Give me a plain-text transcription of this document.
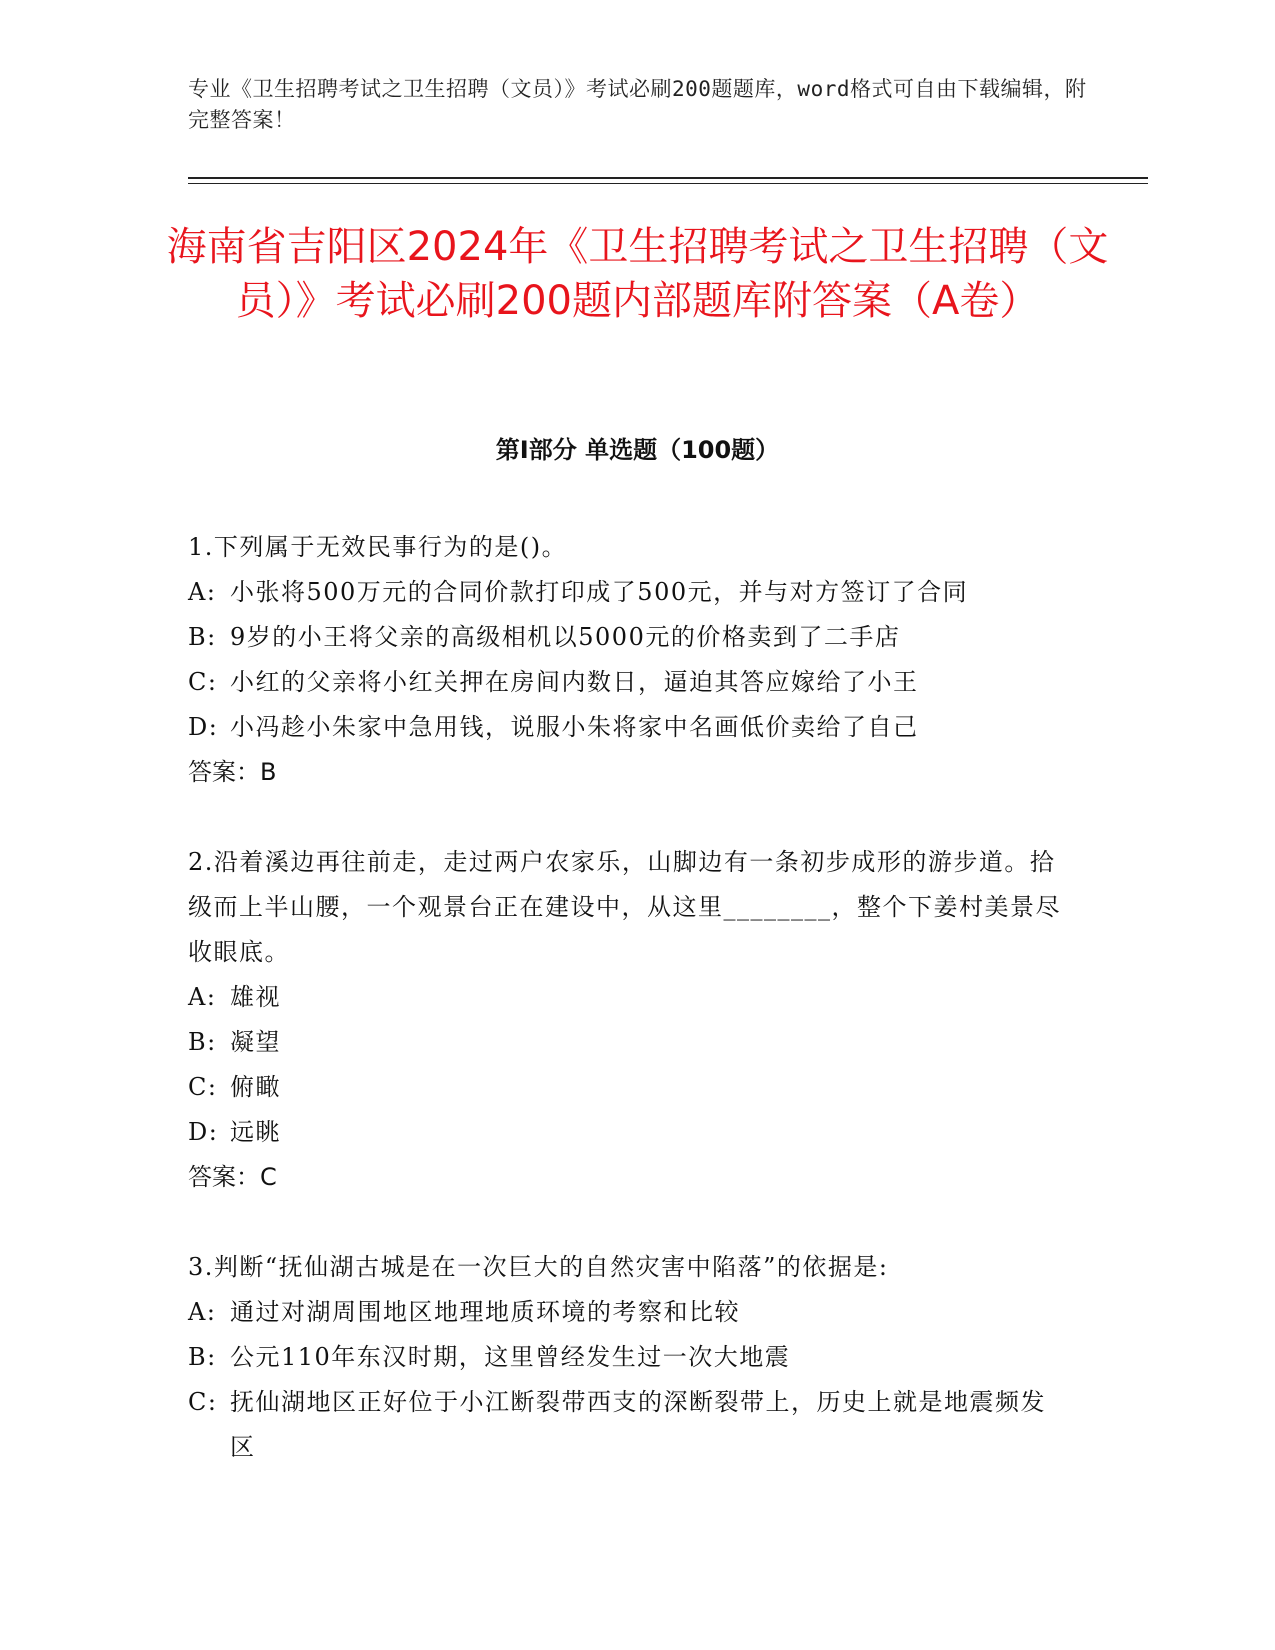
专业《卫生招聘考试之卫生招聘（文员）》考试必刷200题题库，word格式可自由下载编辑，附完整答案！
海南省吉阳区2024年《卫生招聘考试之卫生招聘（文员）》考试必刷200题内部题库附答案（A卷）
第Ⅰ部分 单选题（100题）

1.下列属于无效民事行为的是()。

A: 小张将500万元的合同价款打印成了500元，并与对方签订了合同
B: 9岁的小王将父亲的高级相机以5000元的价格卖到了二手店
C: 小红的父亲将小红关押在房间内数日，逼迫其答应嫁给了小王
D: 小冯趁小朱家中急用钱，说服小朱将家中名画低价卖给了自己

答案：B

2.沿着溪边再往前走，走过两户农家乐，山脚边有一条初步成形的游步道。拾级而上半山腰，一个观景台正在建设中，从这里________，整个下姜村美景尽收眼底。

A: 雄视
B: 凝望
C: 俯瞰
D: 远眺

答案：C

3.判断“抚仙湖古城是在一次巨大的自然灾害中陷落”的依据是:

A: 通过对湖周围地区地理地质环境的考察和比较
B: 公元110年东汉时期，这里曾经发生过一次大地震
C: 抚仙湖地区正好位于小江断裂带西支的深断裂带上，历史上就是地震频发区
